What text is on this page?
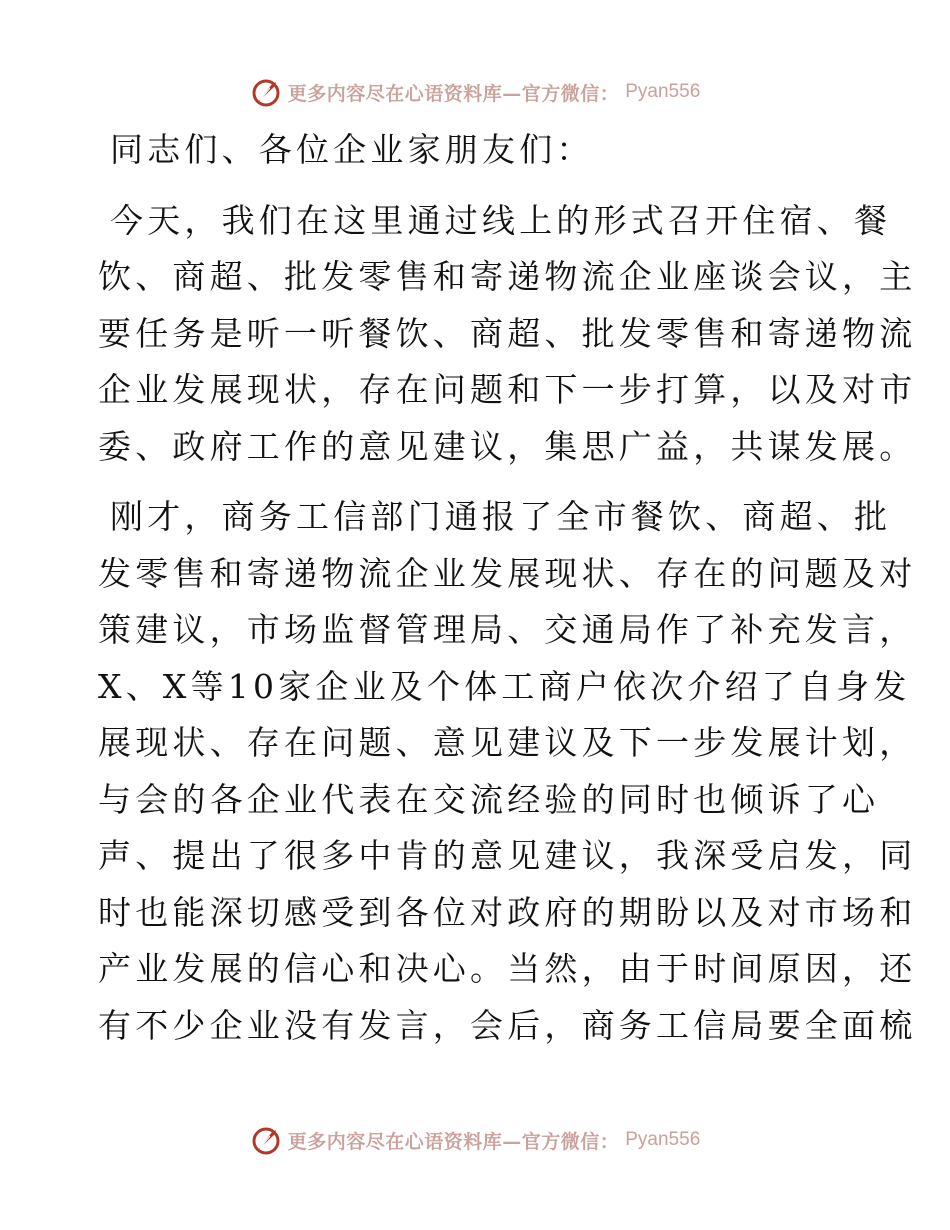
更多内容尽在心语资料库—官方微信： Pyan556

同志们、各位企业家朋友们：

今天，我们在这里通过线上的形式召开住宿、餐
饮、商超、批发零售和寄递物流企业座谈会议，主
要任务是听一听餐饮、商超、批发零售和寄递物流
企业发展现状，存在问题和下一步打算，以及对市
委、政府工作的意见建议，集思广益，共谋发展。
刚才，商务工信部门通报了全市餐饮、商超、批
发零售和寄递物流企业发展现状、存在的问题及对
策建议，市场监督管理局、交通局作了补充发言，
X、X等10家企业及个体工商户依次介绍了自身发
展现状、存在问题、意见建议及下一步发展计划，
与会的各企业代表在交流经验的同时也倾诉了心
声、提出了很多中肯的意见建议，我深受启发，同
时也能深切感受到各位对政府的期盼以及对市场和
产业发展的信心和决心。当然，由于时间原因，还
有不少企业没有发言，会后，商务工信局要全面梳
更多内容尽在心语资料库—官方微信： Pyan556
